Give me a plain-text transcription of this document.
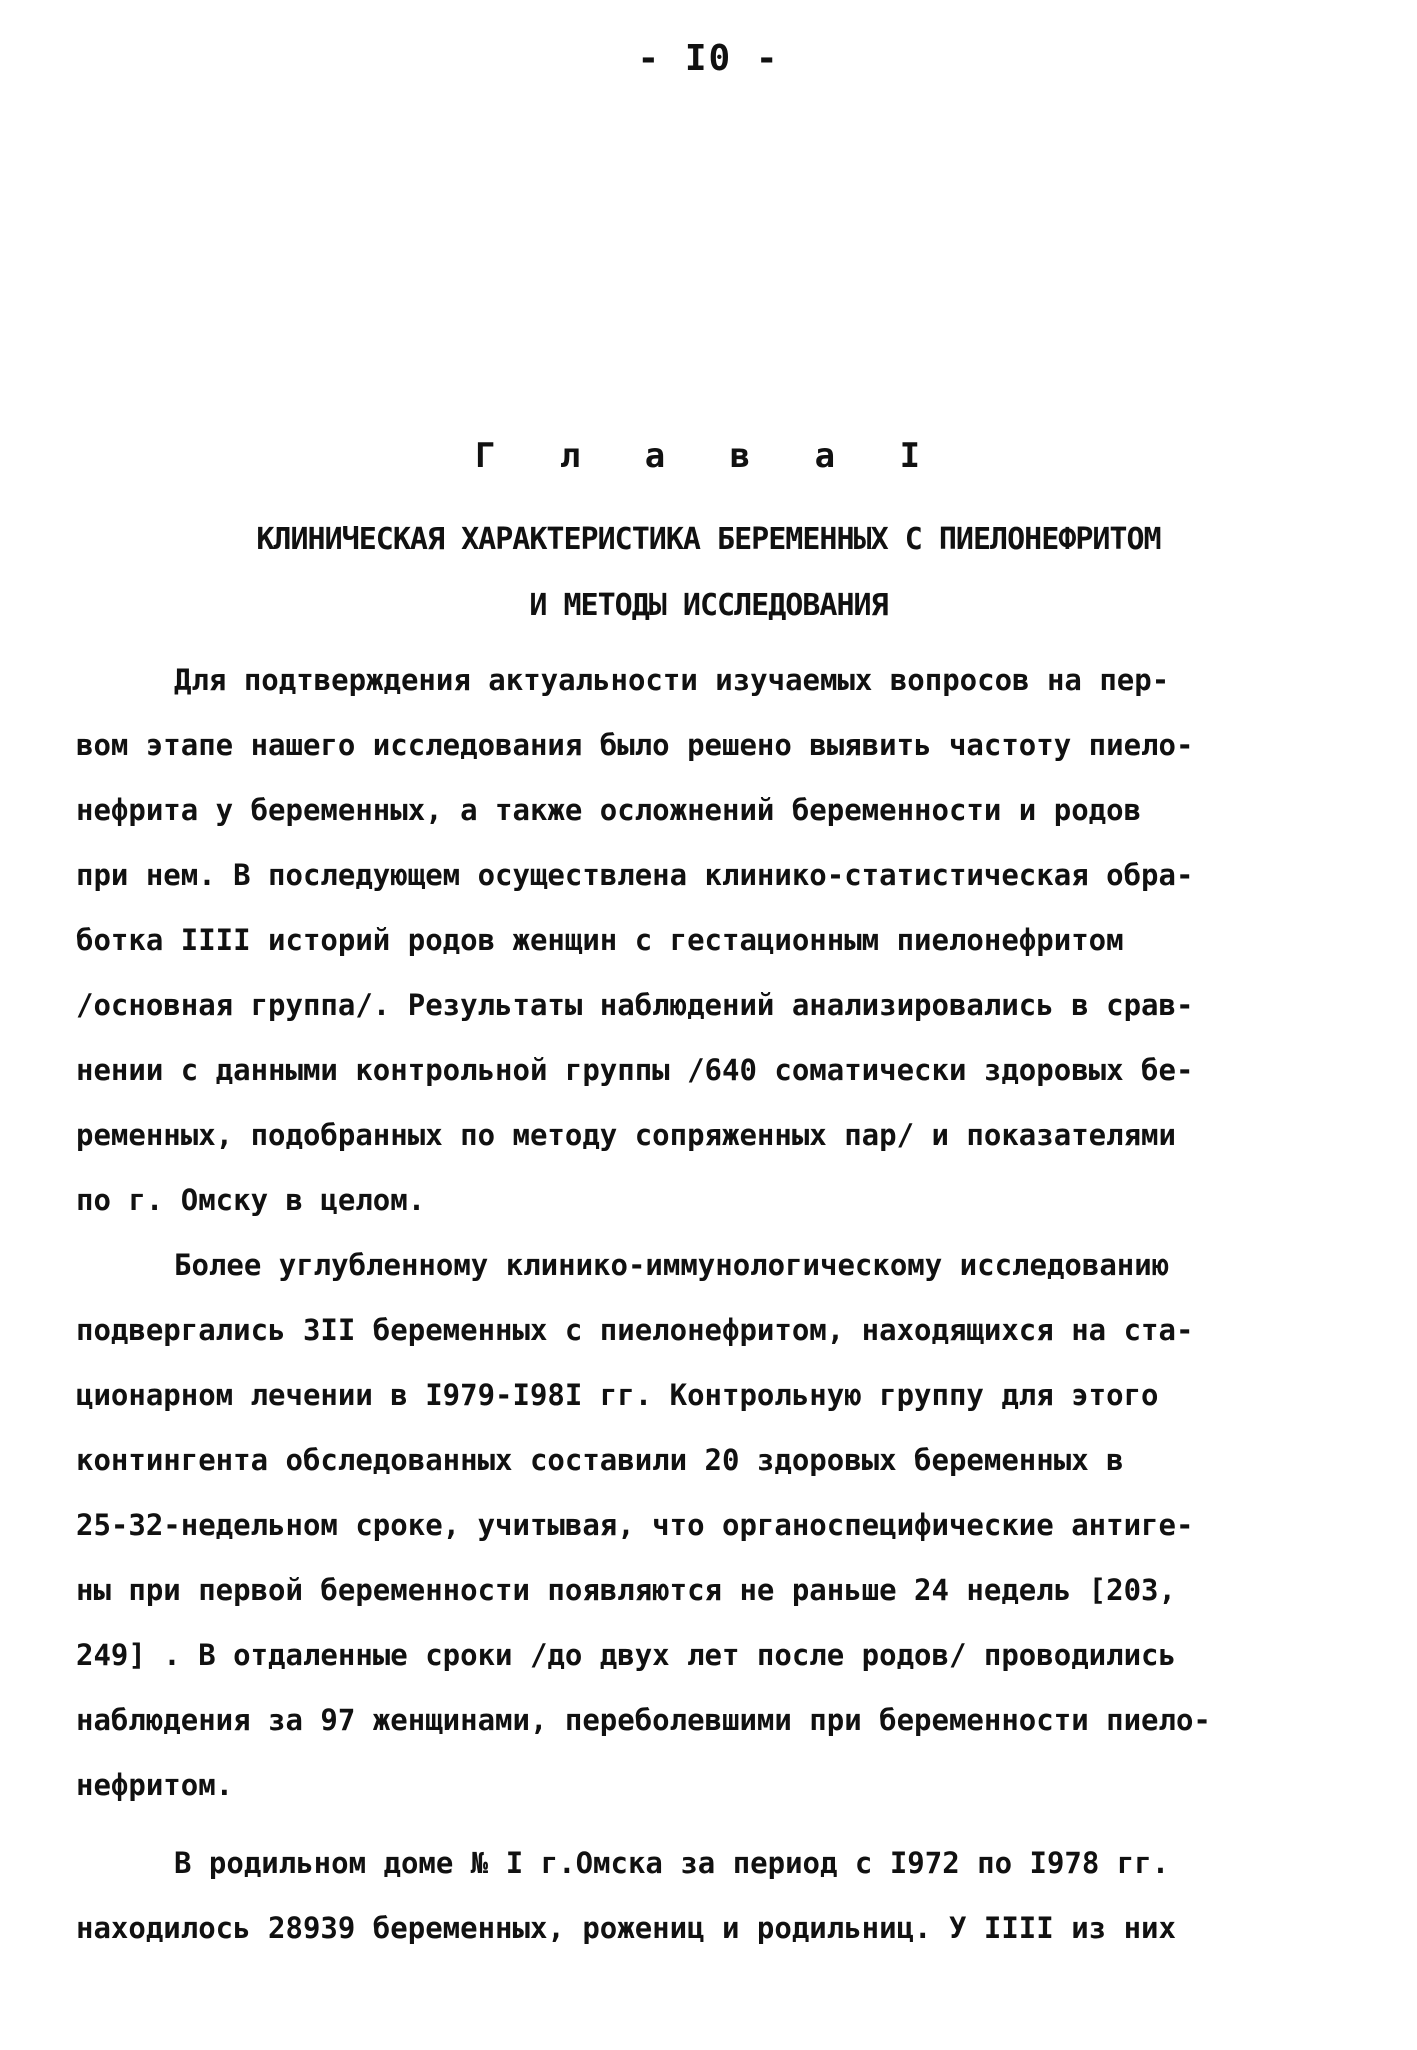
- I0 -
Г л а в а I
КЛИНИЧЕСКАЯ ХАРАКТЕРИСТИКА БЕРЕМЕННЫХ С ПИЕЛОНЕФРИТОМ
И МЕТОДЫ ИССЛЕДОВАНИЯ
Для подтверждения актуальности изучаемых вопросов на пер-
вом этапе нашего исследования было решено выявить частоту пиело-
нефрита у беременных, а также осложнений беременности и родов
при нем. В последующем осуществлена клинико-статистическая обра-
ботка IIII историй родов женщин с гестационным пиелонефритом
/основная группа/. Результаты наблюдений анализировались в срав-
нении с данными контрольной группы /640 соматически здоровых бе-
ременных, подобранных по методу сопряженных пар/ и показателями
по г. Омску в целом.
Более углубленному клинико-иммунологическому исследованию
подвергались 3II беременных с пиелонефритом, находящихся на ста-
ционарном лечении в I979-I98I гг. Контрольную группу для этого
контингента обследованных составили 20 здоровых беременных в
25-32-недельном сроке, учитывая, что органоспецифические антиге-
ны при первой беременности появляются не раньше 24 недель [203,
249] . В отдаленные сроки /до двух лет после родов/ проводились
наблюдения за 97 женщинами, переболевшими при беременности пиело-
нефритом.
В родильном доме № I г.Омска за период с I972 по I978 гг.
находилось 28939 беременных, рожениц и родильниц. У IIII из них
